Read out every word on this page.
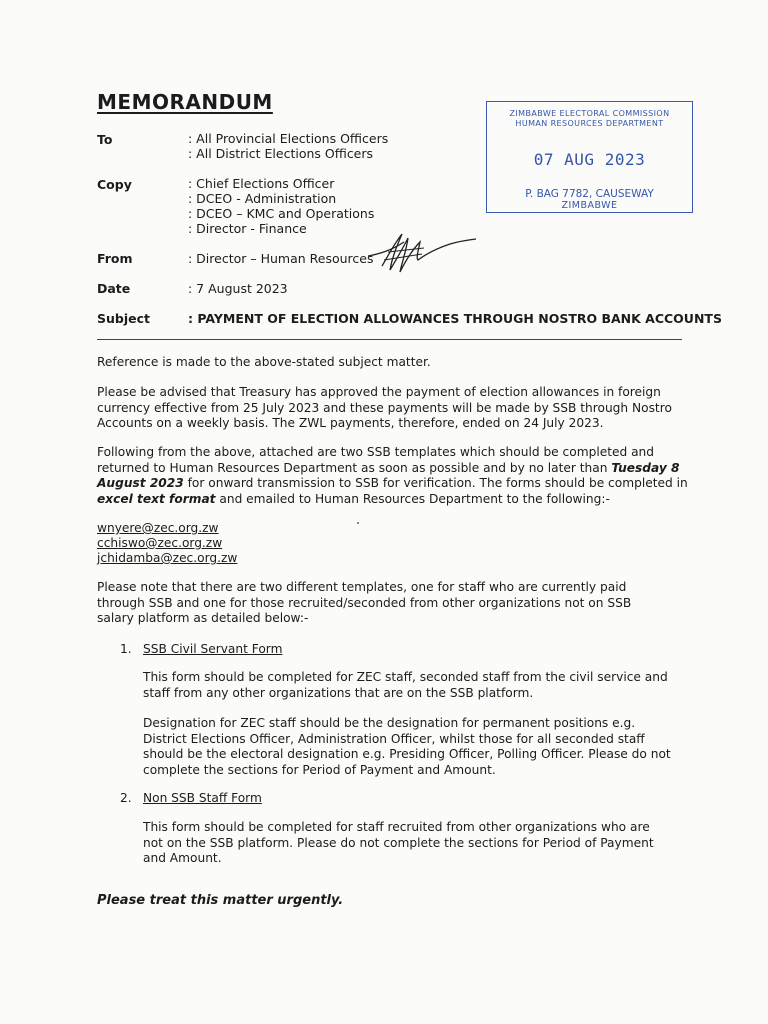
MEMORANDUM	ZIMBABWE ELECTORAL COMMISSION
HUMAN RESOURCES DEPARTMENT
07 AUG 2023
P. BAG 7782, CAUSEWAY
ZIMBABWE
To	: All Provincial Elections Officers
: All District Elections Officers
Copy	: Chief Elections Officer
: DCEO - Administration
: DCEO – KMC and Operations
: Director - Finance
From	: Director – Human Resources
Date	: 7 August 2023
Subject	: PAYMENT OF ELECTION ALLOWANCES THROUGH NOSTRO BANK ACCOUNTS

Reference is made to the above-stated subject matter.

Please be advised that Treasury has approved the payment of election allowances in foreign currency effective from 25 July 2023 and these payments will be made by SSB through Nostro Accounts on a weekly basis. The ZWL payments, therefore, ended on 24 July 2023.

Following from the above, attached are two SSB templates which should be completed and returned to Human Resources Department as soon as possible and by no later than Tuesday 8 August 2023 for onward transmission to SSB for verification. The forms should be completed in excel text format and emailed to Human Resources Department to the following:-

wnyere@zec.org.zw
cchiswo@zec.org.zw
jchidamba@zec.org.zw

Please note that there are two different templates, one for staff who are currently paid through SSB and one for those recruited/seconded from other organizations not on SSB salary platform as detailed below:-

1. SSB Civil Servant Form
This form should be completed for ZEC staff, seconded staff from the civil service and staff from any other organizations that are on the SSB platform.
Designation for ZEC staff should be the designation for permanent positions e.g. District Elections Officer, Administration Officer, whilst those for all seconded staff should be the electoral designation e.g. Presiding Officer, Polling Officer. Please do not complete the sections for Period of Payment and Amount.
2. Non SSB Staff Form
This form should be completed for staff recruited from other organizations who are not on the SSB platform. Please do not complete the sections for Period of Payment and Amount.
Please treat this matter urgently.
